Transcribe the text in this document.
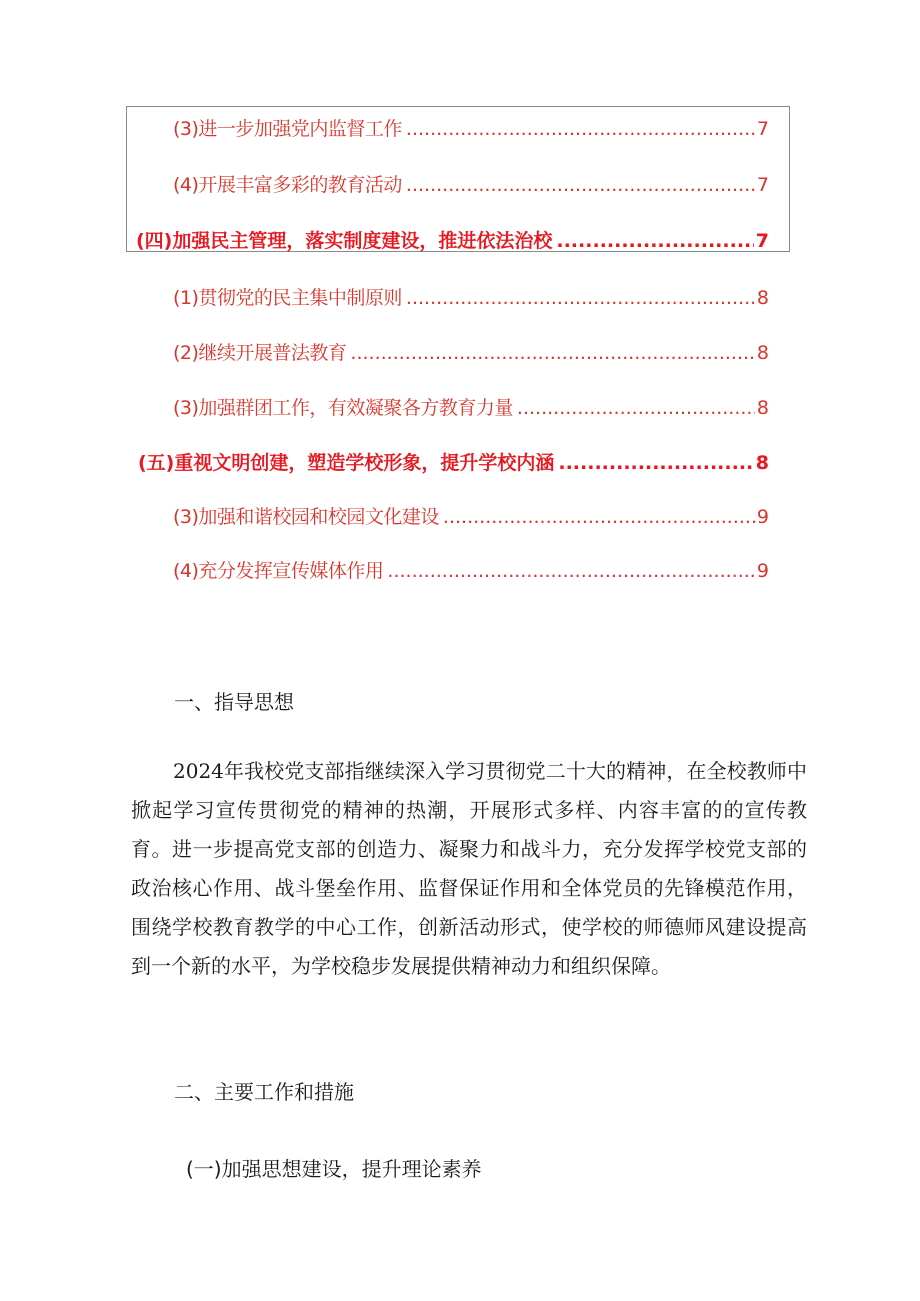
(3)进一步加强党内监督工作 .....	7
(4)开展丰富多彩的教育活动 .....	7
(四)加强民主管理，落实制度建设，推进依法治校 .....	7
(1)贯彻党的民主集中制原则 .....	8
(2)继续开展普法教育 .....	8
(3)加强群团工作，有效凝聚各方教育力量 .....	8
(五)重视文明创建，塑造学校形象，提升学校内涵 .....	8
(3)加强和谐校园和校园文化建设 .....	9
(4)充分发挥宣传媒体作用 .....	9
一、指导思想
2024年我校党支部指继续深入学习贯彻党二十大的精神，在全校教师中掀起学习宣传贯彻党的精神的热潮，开展形式多样、内容丰富的的宣传教育。进一步提高党支部的创造力、凝聚力和战斗力，充分发挥学校党支部的政治核心作用、战斗堡垒作用、监督保证作用和全体党员的先锋模范作用，围绕学校教育教学的中心工作，创新活动形式，使学校的师德师风建设提高到一个新的水平，为学校稳步发展提供精神动力和组织保障。
二、主要工作和措施
(一)加强思想建设，提升理论素养
